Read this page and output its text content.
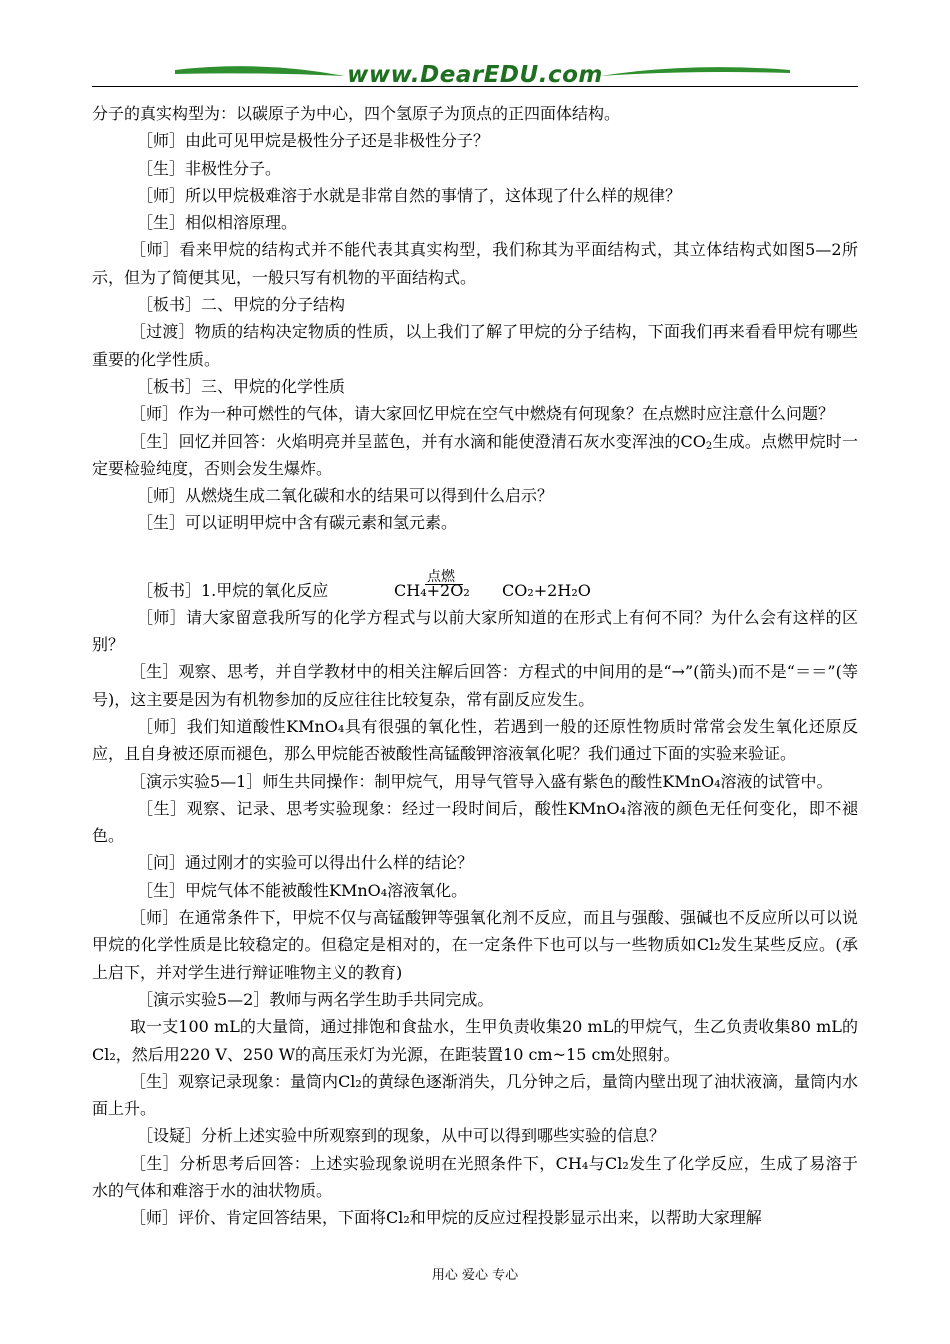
www.DearEDU.com

分子的真实构型为：以碳原子为中心，四个氢原子为顶点的正四面体结构。

［师］由此可见甲烷是极性分子还是非极性分子？

［生］非极性分子。

［师］所以甲烷极难溶于水就是非常自然的事情了，这体现了什么样的规律？

［生］相似相溶原理。

［师］看来甲烷的结构式并不能代表其真实构型，我们称其为平面结构式，其立体结构式如图5—2所示，但为了简便其见，一般只写有机物的平面结构式。

［板书］二、甲烷的分子结构

［过渡］物质的结构决定物质的性质，以上我们了解了甲烷的分子结构，下面我们再来看看甲烷有哪些重要的化学性质。

［板书］三、甲烷的化学性质

［师］作为一种可燃性的气体，请大家回忆甲烷在空气中燃烧有何现象？在点燃时应注意什么问题？

［生］回忆并回答：火焰明亮并呈蓝色，并有水滴和能使澄清石灰水变浑浊的$CO_2$生成。点燃甲烷时一定要检验纯度，否则会发生爆炸。

［师］从燃烧生成二氧化碳和水的结果可以得到什么启示？

［生］可以证明甲烷中含有碳元素和氢元素。

［板书］1.甲烷的氧化反应	CH₄+2O₂
点燃
CO₂+2H₂O

［师］请大家留意我所写的化学方程式与以前大家所知道的在形式上有何不同？为什么会有这样的区别？

［生］观察、思考，并自学教材中的相关注解后回答：方程式的中间用的是“→”(箭头)而不是“＝＝”(等号)，这主要是因为有机物参加的反应往往比较复杂，常有副反应发生。

［师］我们知道酸性KMnO₄具有很强的氧化性，若遇到一般的还原性物质时常常会发生氧化还原反应，且自身被还原而褪色，那么甲烷能否被酸性高锰酸钾溶液氧化呢？我们通过下面的实验来验证。

［演示实验5—1］师生共同操作：制甲烷气，用导气管导入盛有紫色的酸性KMnO₄溶液的试管中。

［生］观察、记录、思考实验现象：经过一段时间后，酸性KMnO₄溶液的颜色无任何变化，即不褪色。

［问］通过刚才的实验可以得出什么样的结论？

［生］甲烷气体不能被酸性KMnO₄溶液氧化。

［师］在通常条件下，甲烷不仅与高锰酸钾等强氧化剂不反应，而且与强酸、强碱也不反应所以可以说甲烷的化学性质是比较稳定的。但稳定是相对的，在一定条件下也可以与一些物质如Cl₂发生某些反应。(承上启下，并对学生进行辩证唯物主义的教育)

［演示实验5—2］教师与两名学生助手共同完成。

取一支100 mL的大量筒，通过排饱和食盐水，生甲负责收集20 mL的甲烷气，生乙负责收集80 mL的Cl₂，然后用220 V、250 W的高压汞灯为光源，在距装置10 cm~15 cm处照射。

［生］观察记录现象：量筒内Cl₂的黄绿色逐渐消失，几分钟之后，量筒内壁出现了油状液滴，量筒内水面上升。

［设疑］分析上述实验中所观察到的现象，从中可以得到哪些实验的信息？

［生］分析思考后回答：上述实验现象说明在光照条件下，CH₄与Cl₂发生了化学反应，生成了易溶于水的气体和难溶于水的油状物质。

［师］评价、肯定回答结果，下面将Cl₂和甲烷的反应过程投影显示出来，以帮助大家理解

用心 爱心 专心
